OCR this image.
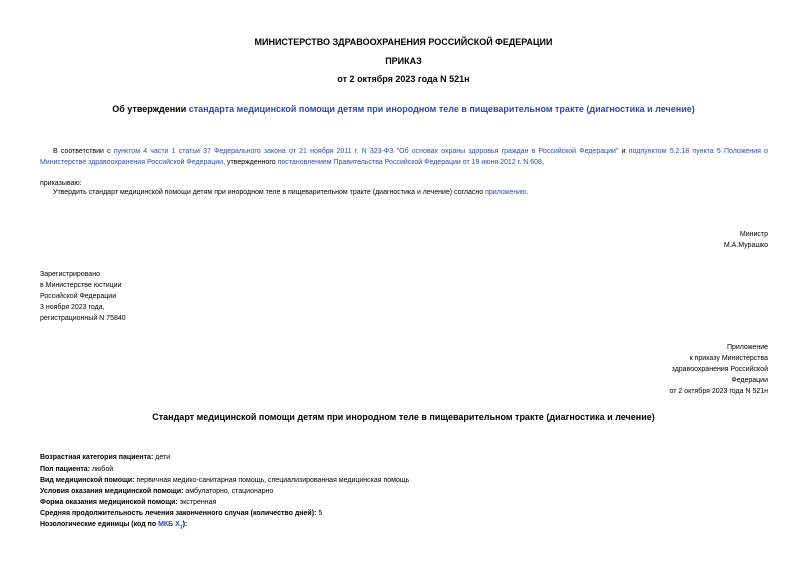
МИНИСТЕРСТВО ЗДРАВООХРАНЕНИЯ РОССИЙСКОЙ ФЕДЕРАЦИИ
ПРИКАЗ
от 2 октября 2023 года N 521н
Об утверждении стандарта медицинской помощи детям при инородном теле в пищеварительном тракте (диагностика и лечение)
В соответствии с пунктом 4 части 1 статьи 37 Федерального закона от 21 ноября 2011 г. N 323-ФЗ "Об основах охраны здоровья граждан в Российской Федерации" и подпунктом 5.2.18 пункта 5 Положения о Министерстве здравоохранения Российской Федерации, утвержденного постановлением Правительства Российской Федерации от 19 июня 2012 г. N 608,
приказываю:
Утвердить стандарт медицинской помощи детям при инородном теле в пищеварительном тракте (диагностика и лечение) согласно приложению.
Министр
М.А.Мурашко
Зарегистрировано
в Министерстве юстиции
Российской Федерации
3 ноября 2023 года,
регистрационный N 75840
Приложение
к приказу Министерства
здравоохранения Российской
Федерации
от 2 октября 2023 года N 521н
Стандарт медицинской помощи детям при инородном теле в пищеварительном тракте (диагностика и лечение)
Возрастная категория пациента: дети
Пол пациента: любой
Вид медицинской помощи: первичная медико-санитарная помощь, специализированная медицинская помощь
Условия оказания медицинской помощи: амбулаторно, стационарно
Форма оказания медицинской помощи: экстренная
Средняя продолжительность лечения законченного случая (количество дней): 5
Нозологические единицы (код по МКБ $X_1$):
